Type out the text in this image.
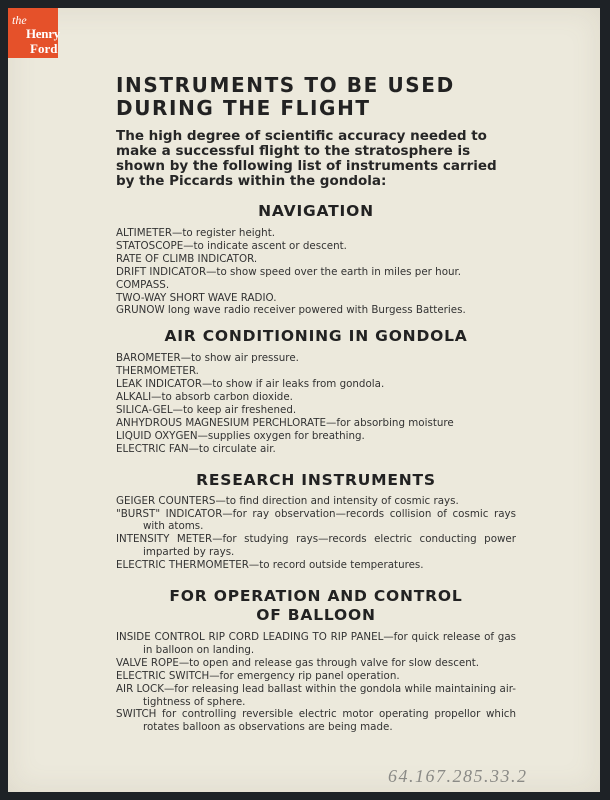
the
Henry
Ford
INSTRUMENTS TO BE USED
DURING THE FLIGHT

The high degree of scientific accuracy needed to make a successful flight to the stratosphere is shown by the following list of instruments carried by the Piccards within the gondola:

NAVIGATION
ALTIMETER—to register height.
STATOSCOPE—to indicate ascent or descent.
RATE OF CLIMB INDICATOR.
DRIFT INDICATOR—to show speed over the earth in miles per hour.
COMPASS.
TWO-WAY SHORT WAVE RADIO.
GRUNOW long wave radio receiver powered with Burgess Batteries.
AIR CONDITIONING IN GONDOLA
BAROMETER—to show air pressure.
THERMOMETER.
LEAK INDICATOR—to show if air leaks from gondola.
ALKALI—to absorb carbon dioxide.
SILICA-GEL—to keep air freshened.
ANHYDROUS MAGNESIUM PERCHLORATE—for absorbing moisture
LIQUID OXYGEN—supplies oxygen for breathing.
ELECTRIC FAN—to circulate air.
RESEARCH INSTRUMENTS
GEIGER COUNTERS—to find direction and intensity of cosmic rays.
"BURST" INDICATOR—for ray observation—records collision of cosmic rays with atoms.
INTENSITY METER—for studying rays—records electric conducting power imparted by rays.
ELECTRIC THERMOMETER—to record outside temperatures.
FOR OPERATION AND CONTROL
OF BALLOON
INSIDE CONTROL RIP CORD LEADING TO RIP PANEL—for quick release of gas in balloon on landing.
VALVE ROPE—to open and release gas through valve for slow descent.
ELECTRIC SWITCH—for emergency rip panel operation.
AIR LOCK—for releasing lead ballast within the gondola while maintaining air-tightness of sphere.
SWITCH for controlling reversible electric motor operating propellor which rotates balloon as observations are being made.
64.167.285.33.2
